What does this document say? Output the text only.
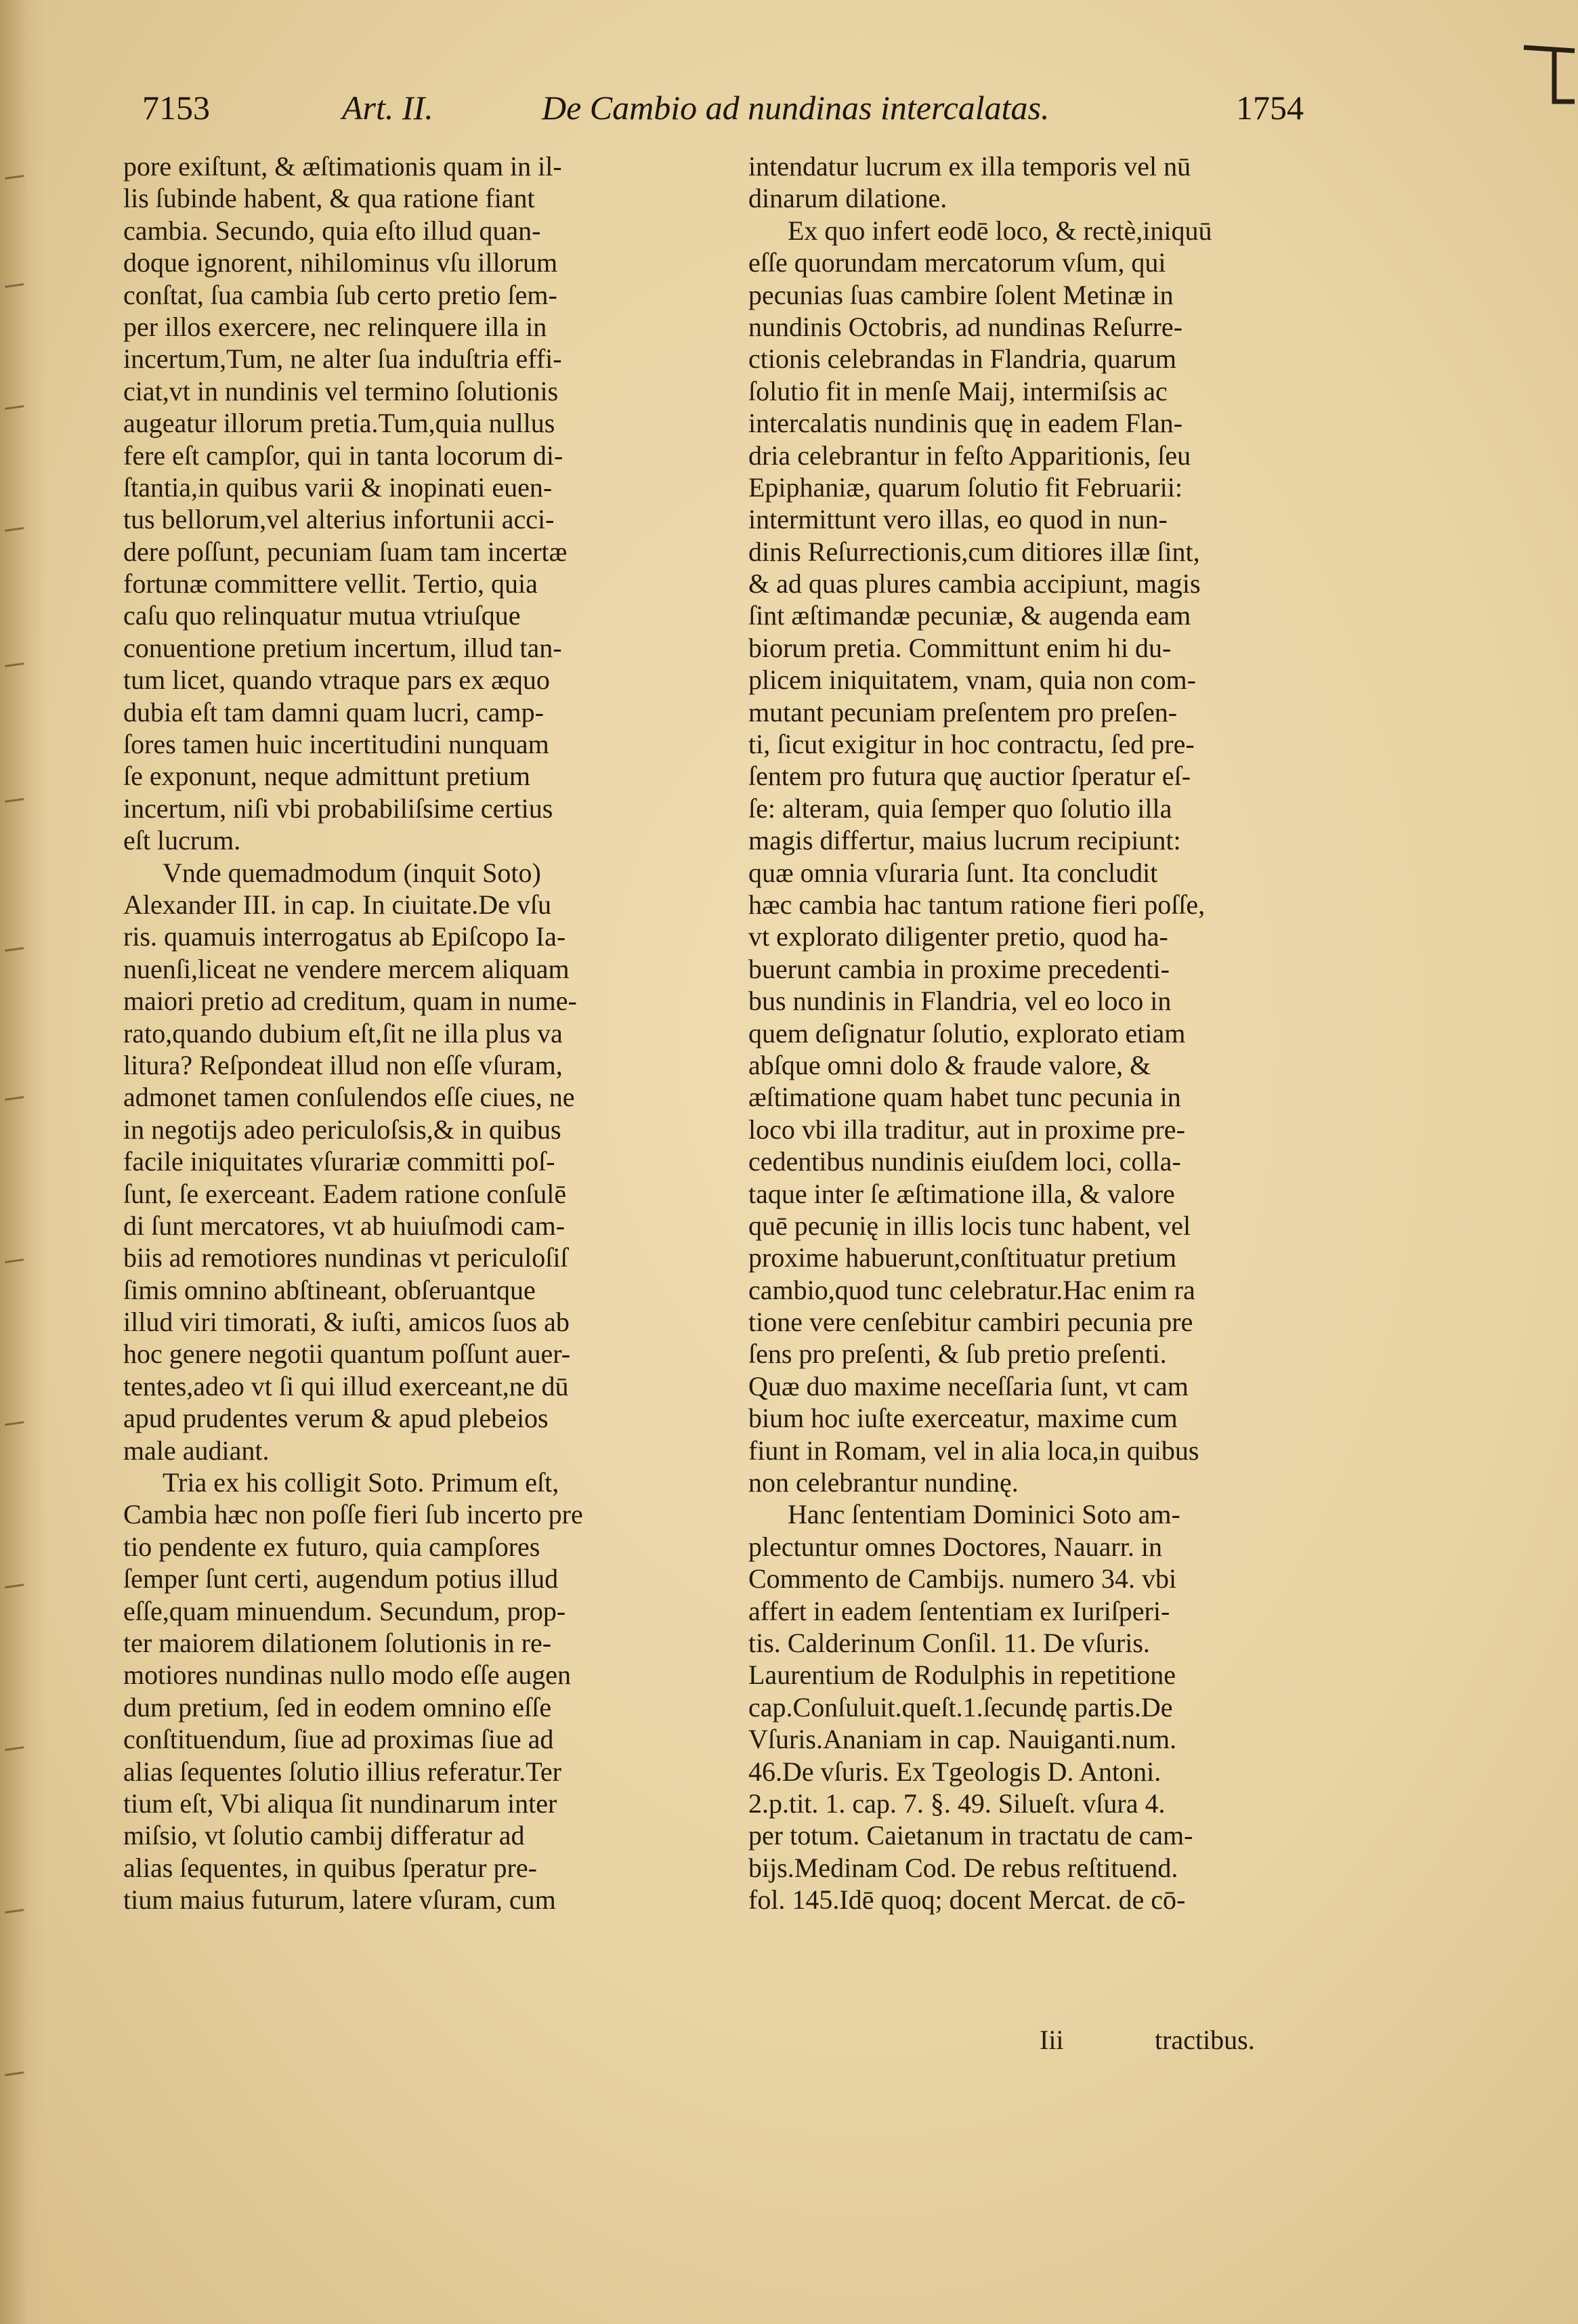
7153	Art. II.	De Cambio ad nundinas intercalatas.	1754
pore exiſtunt, & æſtimationis quam in il-
lis ſubinde habent, & qua ratione fiant
cambia. Secundo, quia eſto illud quan-
doque ignorent, nihilominus vſu illorum
conſtat, ſua cambia ſub certo pretio ſem-
per illos exercere, nec relinquere illa in
incertum,Tum, ne alter ſua induſtria effi-
ciat,vt in nundinis vel termino ſolutionis
augeatur illorum pretia.Tum,quia nullus
fere eſt campſor, qui in tanta locorum di-
ſtantia,in quibus varii & inopinati euen-
tus bellorum,vel alterius infortunii acci-
dere poſſunt, pecuniam ſuam tam incertæ
fortunæ committere vellit. Tertio, quia
caſu quo relinquatur mutua vtriuſque
conuentione pretium incertum, illud tan-
tum licet, quando vtraque pars ex æquo
dubia eſt tam damni quam lucri, camp-
ſores tamen huic incertitudini nunquam
ſe exponunt, neque admittunt pretium
incertum, niſi vbi probabiliſsime certius
eſt lucrum.
Vnde quemadmodum (inquit Soto)
Alexander III. in cap. In ciuitate.De vſu
ris. quamuis interrogatus ab Epiſcopo Ia-
nuenſi,liceat ne vendere mercem aliquam
maiori pretio ad creditum, quam in nume-
rato,quando dubium eſt,ſit ne illa plus va
litura? Reſpondeat illud non eſſe vſuram,
admonet tamen conſulendos eſſe ciues, ne
in negotijs adeo periculoſsis,& in quibus
facile iniquitates vſurariæ committi poſ-
ſunt, ſe exerceant. Eadem ratione conſulē
di ſunt mercatores, vt ab huiuſmodi cam-
biis ad remotiores nundinas vt periculoſiſ
ſimis omnino abſtineant, obſeruantque
illud viri timorati, & iuſti, amicos ſuos ab
hoc genere negotii quantum poſſunt auer-
tentes,adeo vt ſi qui illud exerceant,ne dū
apud prudentes verum & apud plebeios
male audiant.
Tria ex his colligit Soto. Primum eſt,
Cambia hæc non poſſe fieri ſub incerto pre
tio pendente ex futuro, quia campſores
ſemper ſunt certi, augendum potius illud
eſſe,quam minuendum. Secundum, prop-
ter maiorem dilationem ſolutionis in re-
motiores nundinas nullo modo eſſe augen
dum pretium, ſed in eodem omnino eſſe
conſtituendum, ſiue ad proximas ſiue ad
alias ſequentes ſolutio illius referatur.Ter
tium eſt, Vbi aliqua ſit nundinarum inter
miſsio, vt ſolutio cambij differatur ad
alias ſequentes, in quibus ſperatur pre-
tium maius futurum, latere vſuram, cum
intendatur lucrum ex illa temporis vel nū
dinarum dilatione.
Ex quo infert eodē loco, & rectè,iniquū
eſſe quorundam mercatorum vſum, qui
pecunias ſuas cambire ſolent Metinæ in
nundinis Octobris, ad nundinas Reſurre-
ctionis celebrandas in Flandria, quarum
ſolutio fit in menſe Maij, intermiſsis ac
intercalatis nundinis quę in eadem Flan-
dria celebrantur in feſto Apparitionis, ſeu
Epiphaniæ, quarum ſolutio fit Februarii:
intermittunt vero illas, eo quod in nun-
dinis Reſurrectionis,cum ditiores illæ ſint,
& ad quas plures cambia accipiunt, magis
ſint æſtimandæ pecuniæ, & augenda eam
biorum pretia. Committunt enim hi du-
plicem iniquitatem, vnam, quia non com-
mutant pecuniam preſentem pro preſen-
ti, ſicut exigitur in hoc contractu, ſed pre-
ſentem pro futura quę auctior ſperatur eſ-
ſe: alteram, quia ſemper quo ſolutio illa
magis differtur, maius lucrum recipiunt:
quæ omnia vſuraria ſunt. Ita concludit
hæc cambia hac tantum ratione fieri poſſe,
vt explorato diligenter pretio, quod ha-
buerunt cambia in proxime precedenti-
bus nundinis in Flandria, vel eo loco in
quem deſignatur ſolutio, explorato etiam
abſque omni dolo & fraude valore, &
æſtimatione quam habet tunc pecunia in
loco vbi illa traditur, aut in proxime pre-
cedentibus nundinis eiuſdem loci, colla-
taque inter ſe æſtimatione illa, & valore
quē pecunię in illis locis tunc habent, vel
proxime habuerunt,conſtituatur pretium
cambio,quod tunc celebratur.Hac enim ra
tione vere cenſebitur cambiri pecunia pre
ſens pro preſenti, & ſub pretio preſenti.
Quæ duo maxime neceſſaria ſunt, vt cam
bium hoc iuſte exerceatur, maxime cum
fiunt in Romam, vel in alia loca,in quibus
non celebrantur nundinę.
Hanc ſententiam Dominici Soto am-
plectuntur omnes Doctores, Nauarr. in
Commento de Cambijs. numero 34. vbi
affert in eadem ſententiam ex Iuriſperi-
tis. Calderinum Conſil. 11. De vſuris.
Laurentium de Rodulphis in repetitione
cap.Conſuluit.queſt.1.ſecundę partis.De
Vſuris.Ananiam in cap. Nauiganti.num.
46.De vſuris. Ex Tgeologis D. Antoni.
2.p.tit. 1. cap. 7. §. 49. Silueſt. vſura 4.
per totum. Caietanum in tractatu de cam-
bijs.Medinam Cod. De rebus reſtituend.
fol. 145.Idē quoq; docent Mercat. de cō-
Iii	tractibus.
